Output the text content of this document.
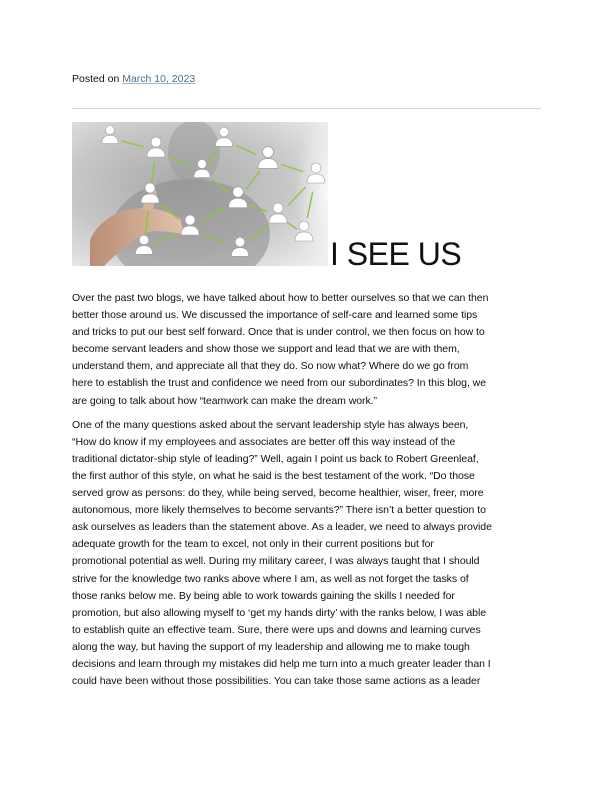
Posted on March 10, 2023
I SEE US

Over the past two blogs, we have talked about how to better ourselves so that we can then
better those around us. We discussed the importance of self-care and learned some tips
and tricks to put our best self forward. Once that is under control, we then focus on how to
become servant leaders and show those we support and lead that we are with them,
understand them, and appreciate all that they do. So now what? Where do we go from
here to establish the trust and confidence we need from our subordinates? In this blog, we
are going to talk about how “teamwork can make the dream work.”

One of the many questions asked about the servant leadership style has always been,
“How do know if my employees and associates are better off this way instead of the
traditional dictator-ship style of leading?” Well, again I point us back to Robert Greenleaf,
the first author of this style, on what he said is the best testament of the work. “Do those
served grow as persons: do they, while being served, become healthier, wiser, freer, more
autonomous, more likely themselves to become servants?” There isn’t a better question to
ask ourselves as leaders than the statement above. As a leader, we need to always provide
adequate growth for the team to excel, not only in their current positions but for
promotional potential as well. During my military career, I was always taught that I should
strive for the knowledge two ranks above where I am, as well as not forget the tasks of
those ranks below me. By being able to work towards gaining the skills I needed for
promotion, but also allowing myself to ‘get my hands dirty’ with the ranks below, I was able
to establish quite an effective team. Sure, there were ups and downs and learning curves
along the way, but having the support of my leadership and allowing me to make tough
decisions and learn through my mistakes did help me turn into a much greater leader than I
could have been without those possibilities. You can take those same actions as a leader
